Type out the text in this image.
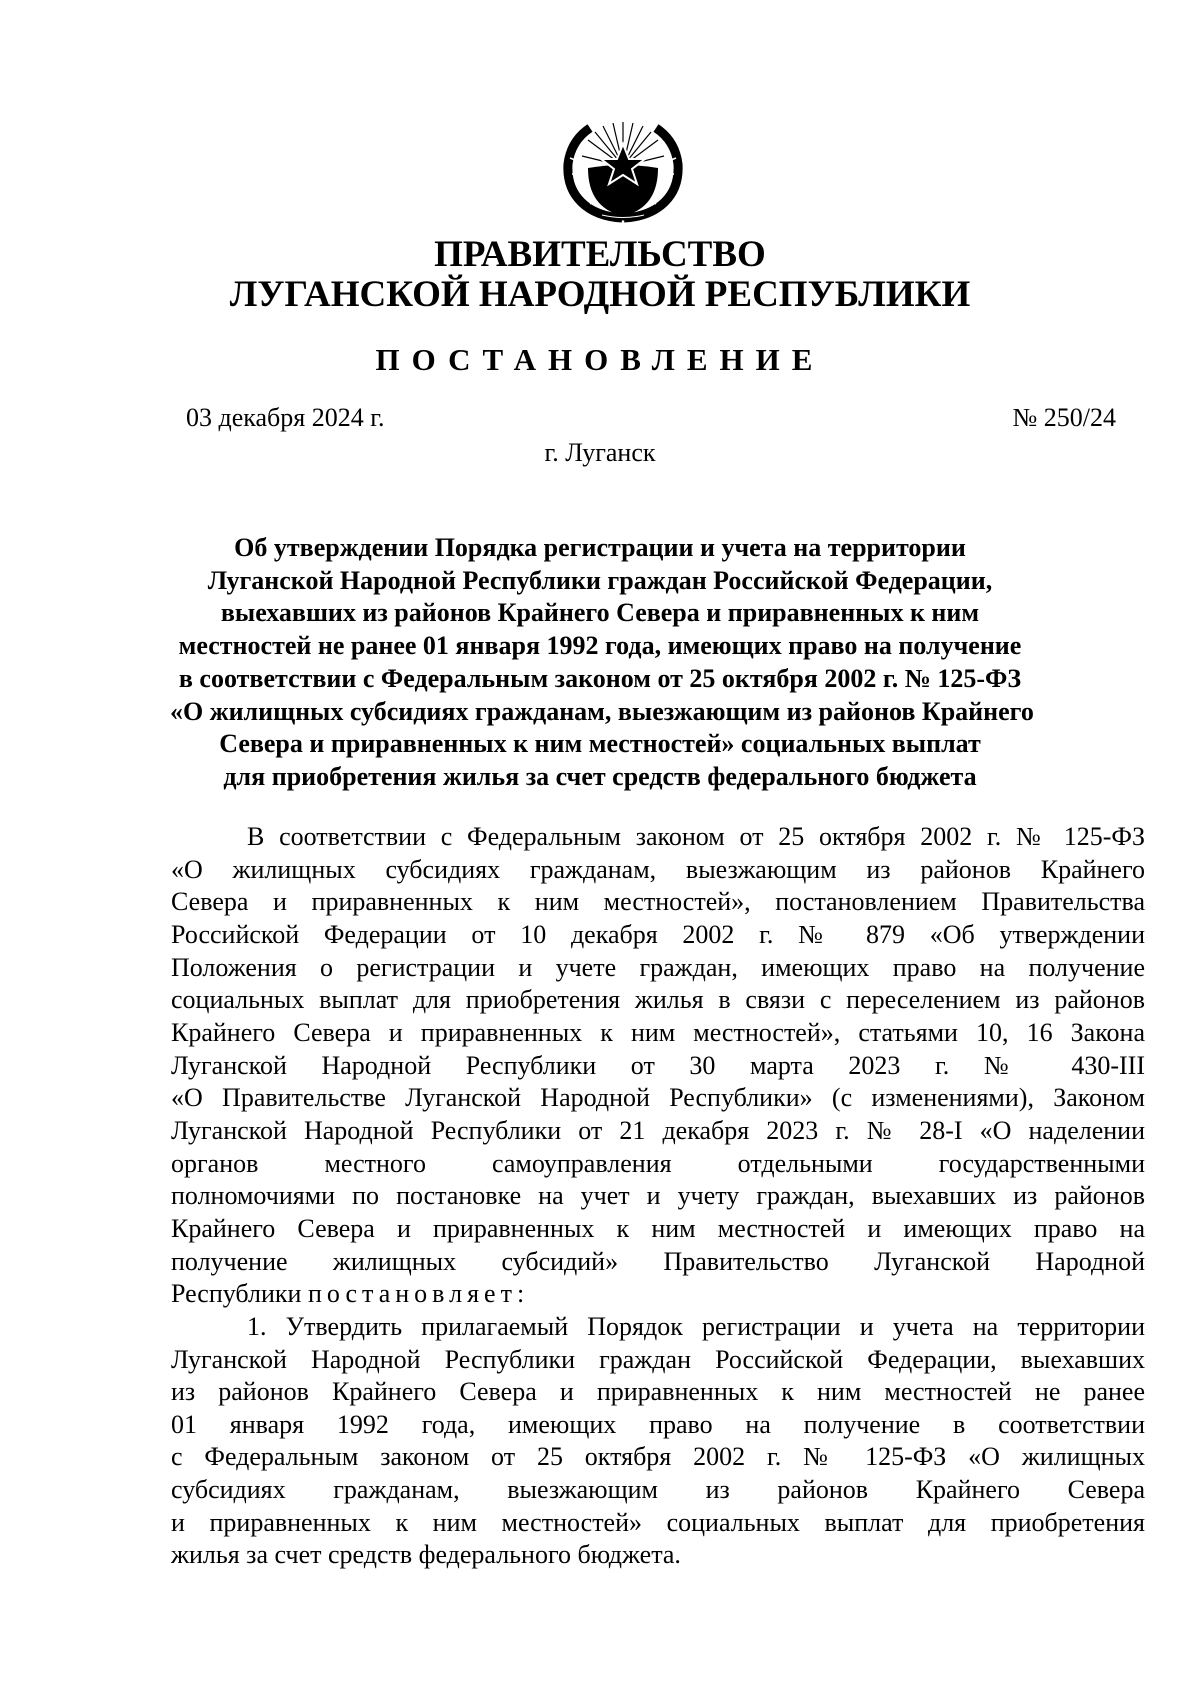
ПРАВИТЕЛЬСТВО
ЛУГАНСКОЙ НАРОДНОЙ РЕСПУБЛИКИ
ПОСТАНОВЛЕНИЕ
03 декабря 2024 г.	№ 250/24
г. Луганск
Об утверждении Порядка регистрации и учета на территории
Луганской Народной Республики граждан Российской Федерации,
выехавших из районов Крайнего Севера и приравненных к ним
местностей не ранее 01 января 1992 года, имеющих право на получение
в соответствии с Федеральным законом от 25 октября 2002 г. № 125-ФЗ
«О жилищных субсидиях гражданам, выезжающим из районов Крайнего
Севера и приравненных к ним местностей» социальных выплат
для приобретения жилья за счет средств федерального бюджета
В соответствии с Федеральным законом от 25 октября 2002 г. № 125-ФЗ
«О жилищных субсидиях гражданам, выезжающим из районов Крайнего
Севера и приравненных к ним местностей», постановлением Правительства
Российской Федерации от 10 декабря 2002 г. № 879 «Об утверждении
Положения о регистрации и учете граждан, имеющих право на получение
социальных выплат для приобретения жилья в связи с переселением из районов
Крайнего Севера и приравненных к ним местностей», статьями 10, 16 Закона
Луганской Народной Республики от 30 марта 2023 г. № 430-III
«О Правительстве Луганской Народной Республики» (с изменениями), Законом
Луганской Народной Республики от 21 декабря 2023 г. № 28-I «О наделении
органов местного самоуправления отдельными государственными
полномочиями по постановке на учет и учету граждан, выехавших из районов
Крайнего Севера и приравненных к ним местностей и имеющих право на
получение жилищных субсидий» Правительство Луганской Народной
Республики постановляет:
1. Утвердить прилагаемый Порядок регистрации и учета на территории
Луганской Народной Республики граждан Российской Федерации, выехавших
из районов Крайнего Севера и приравненных к ним местностей не ранее
01 января 1992 года, имеющих право на получение в соответствии
с Федеральным законом от 25 октября 2002 г. № 125-ФЗ «О жилищных
субсидиях гражданам, выезжающим из районов Крайнего Севера
и приравненных к ним местностей» социальных выплат для приобретения
жилья за счет средств федерального бюджета.
